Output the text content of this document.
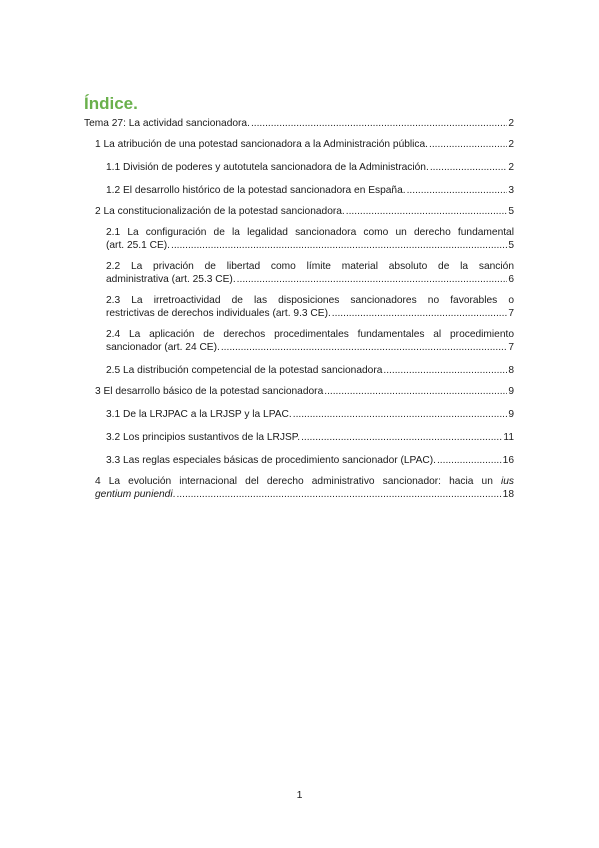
Índice.
Tema 27: La actividad sancionadora. .....	2
1 La atribución de una potestad sancionadora a la Administración pública. .....	2
1.1 División de poderes y autotutela sancionadora de la Administración. .....	2
1.2 El desarrollo histórico de la potestad sancionadora en España. .....	3
2 La constitucionalización de la potestad sancionadora. .....	5
2.1 La configuración de la legalidad sancionadora como un derecho fundamental
(art. 25.1 CE). .....	5
2.2 La privación de libertad como límite material absoluto de la sanción
administrativa (art. 25.3 CE). .....	6
2.3 La irretroactividad de las disposiciones sancionadores no favorables o
restrictivas de derechos individuales (art. 9.3 CE). .....	7
2.4 La aplicación de derechos procedimentales fundamentales al procedimiento
sancionador (art. 24 CE). .....	7
2.5 La distribución competencial de la potestad sancionadora .....	8
3 El desarrollo básico de la potestad sancionadora .....	9
3.1 De la LRJPAC a la LRJSP y la LPAC. .....	9
3.2 Los principios sustantivos de la LRJSP. .....	11
3.3 Las reglas especiales básicas de procedimiento sancionador (LPAC). .....	16
4 La evolución internacional del derecho administrativo sancionador: hacia un ius
gentium puniendi. .....	18
1
